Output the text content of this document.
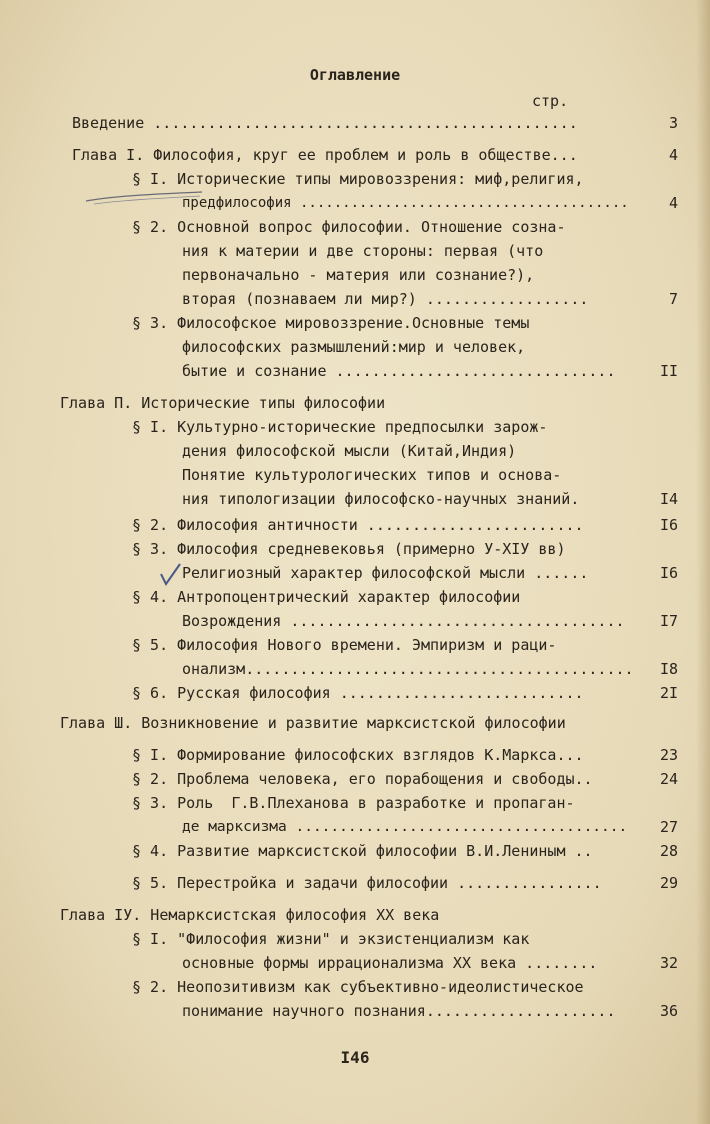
Оглавление
стр.
Введение ...............................................	3
Глава I. Философия, круг ее проблем и роль в обществе...	4
§ I. Исторические типы мировоззрения: миф,религия,
предфилософия .......................................	4
§ 2. Основной вопрос философии. Отношение созна-
ния к материи и две стороны: первая (что
первоначально - материя или сознание?),
вторая (познаваем ли мир?) ..................	7
§ 3. Философское мировоззрение.Основные темы
философских размышлений:мир и человек,
бытие и сознание ...............................	II
Глава П. Исторические типы философии
§ I. Культурно-исторические предпосылки зарож-
дения философской мысли (Китай,Индия)
Понятие культурологических типов и основа-
ния типологизации философско-научных знаний.	I4
§ 2. Философия античности ........................	I6
§ 3. Философия средневековья (примерно У-ХIУ вв)
Религиозный характер философской мысли ......	I6
§ 4. Антропоцентрический характер философии
Возрождения .....................................	I7
§ 5. Философия Нового времени. Эмпиризм и раци-
онализм...........................................	I8
§ 6. Русская философия ...........................	2I
Глава Ш. Возникновение и развитие марксистской философии
§ I. Формирование философских взглядов К.Маркса...	23
§ 2. Проблема человека, его порабощения и свободы..	24
§ 3. Роль  Г.В.Плеханова в разработке и пропаган-
де марксизма ......................................	27
§ 4. Развитие марксистской философии В.И.Лениным ..	28
§ 5. Перестройка и задачи философии ................	29
Глава IУ. Немарксистская философия ХХ века
§ I. "Философия жизни" и экзистенциализм как
основные формы иррационализма ХХ века ........	32
§ 2. Неопозитивизм как субъективно-идеолистическое
понимание научного познания.....................	36
I46
